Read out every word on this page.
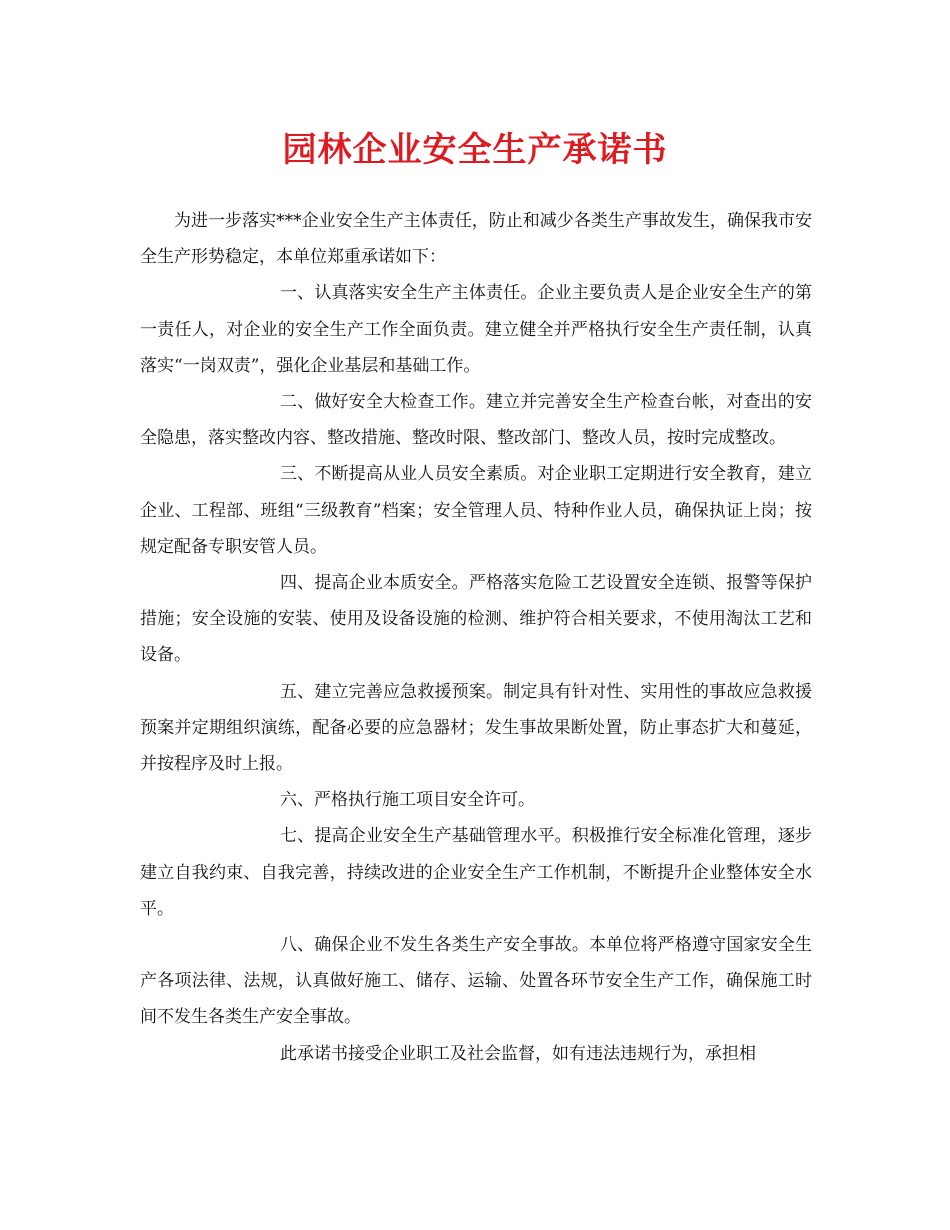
园林企业安全生产承诺书

为进一步落实***企业安全生产主体责任，防止和减少各类生产事故发生，确保我市安全生产形势稳定，本单位郑重承诺如下：

一、认真落实安全生产主体责任。企业主要负责人是企业安全生产的第一责任人，对企业的安全生产工作全面负责。建立健全并严格执行安全生产责任制，认真落实“一岗双责”，强化企业基层和基础工作。

二、做好安全大检查工作。建立并完善安全生产检查台帐，对查出的安全隐患，落实整改内容、整改措施、整改时限、整改部门、整改人员，按时完成整改。

三、不断提高从业人员安全素质。对企业职工定期进行安全教育，建立企业、工程部、班组“三级教育”档案；安全管理人员、特种作业人员，确保执证上岗；按规定配备专职安管人员。

四、提高企业本质安全。严格落实危险工艺设置安全连锁、报警等保护措施；安全设施的安装、使用及设备设施的检测、维护符合相关要求，不使用淘汰工艺和设备。

五、建立完善应急救援预案。制定具有针对性、实用性的事故应急救援预案并定期组织演练，配备必要的应急器材；发生事故果断处置，防止事态扩大和蔓延，并按程序及时上报。

六、严格执行施工项目安全许可。

七、提高企业安全生产基础管理水平。积极推行安全标准化管理，逐步建立自我约束、自我完善，持续改进的企业安全生产工作机制，不断提升企业整体安全水平。

八、确保企业不发生各类生产安全事故。本单位将严格遵守国家安全生产各项法律、法规，认真做好施工、储存、运输、处置各环节安全生产工作，确保施工时间不发生各类生产安全事故。

此承诺书接受企业职工及社会监督，如有违法违规行为，承担相
